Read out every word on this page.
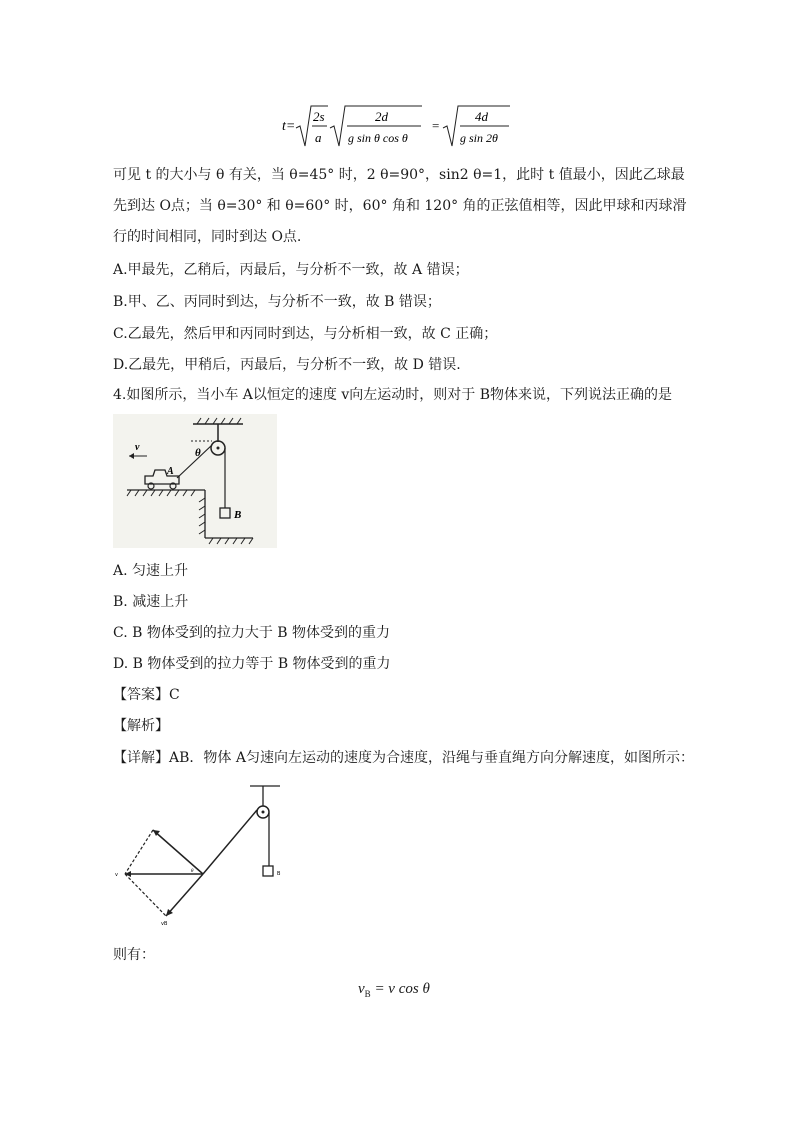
t=
2s
a
2d
g sin θ cos θ
=
4d
g sin 2θ
可见 t 的大小与 θ 有关，当 θ=45° 时，2 θ=90°，sin2 θ=1，此时 t 值最小，因此乙球最
先到达 O点；当 θ=30° 和 θ=60° 时，60° 角和 120° 角的正弦值相等，因此甲球和丙球滑
行的时间相同，同时到达 O点.
A.甲最先，乙稍后，丙最后，与分析不一致，故 A 错误；
B.甲、乙、丙同时到达，与分析不一致，故 B 错误；
C.乙最先，然后甲和丙同时到达，与分析相一致，故 C 正确；
D.乙最先，甲稍后，丙最后，与分析不一致，故 D 错误.
4.如图所示，当小车 A以恒定的速度 v向左运动时，则对于 B物体来说，下列说法正确的是
θ
B
A
v
A. 匀速上升
B. 减速上升
C. B 物体受到的拉力大于 B 物体受到的重力
D. B 物体受到的拉力等于 B 物体受到的重力
【答案】C
【解析】
【详解】AB．物体 A匀速向左运动的速度为合速度，沿绳与垂直绳方向分解速度，如图所示：
B
v
vB
θ
则有：
$v_B = v$ cos θ
